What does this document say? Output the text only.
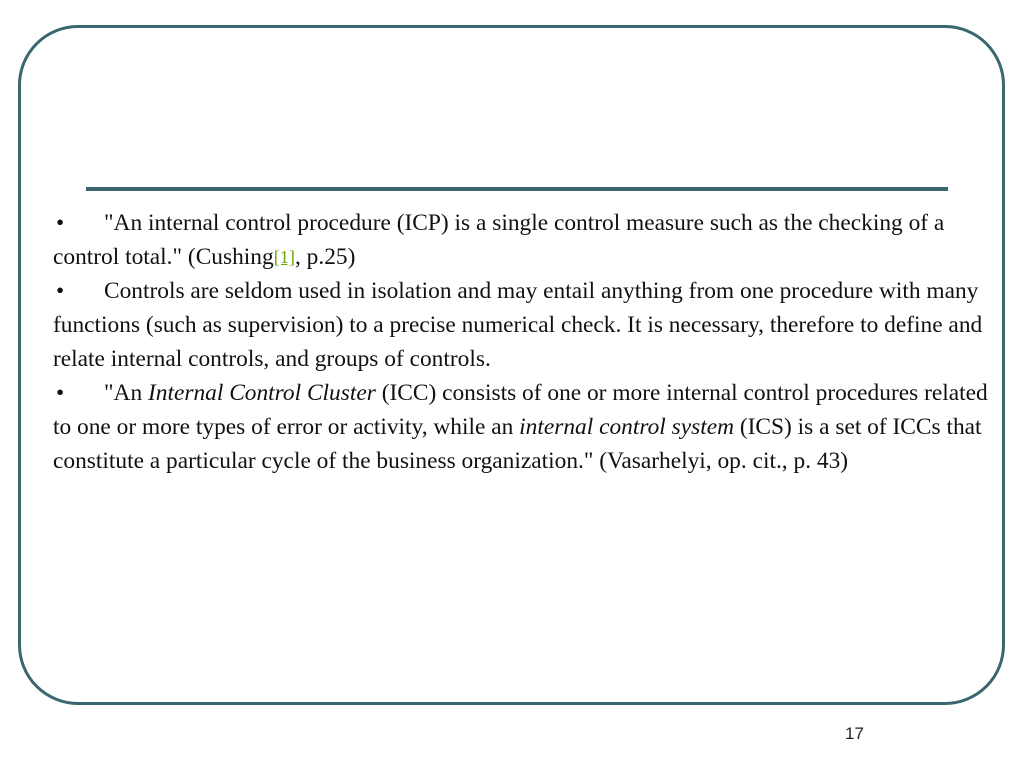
• "An internal control procedure (ICP) is a single control measure such as the checking of a control total." (Cushing[1], p.25)

• Controls are seldom used in isolation and may entail anything from one procedure with many functions (such as supervision) to a precise numerical check. It is necessary, therefore to define and relate internal controls, and groups of controls.

• "An Internal Control Cluster (ICC) consists of one or more internal control procedures related to one or more types of error or activity, while an internal control system (ICS) is a set of ICCs that constitute a particular cycle of the business organization." (Vasarhelyi, op. cit., p. 43)

17
